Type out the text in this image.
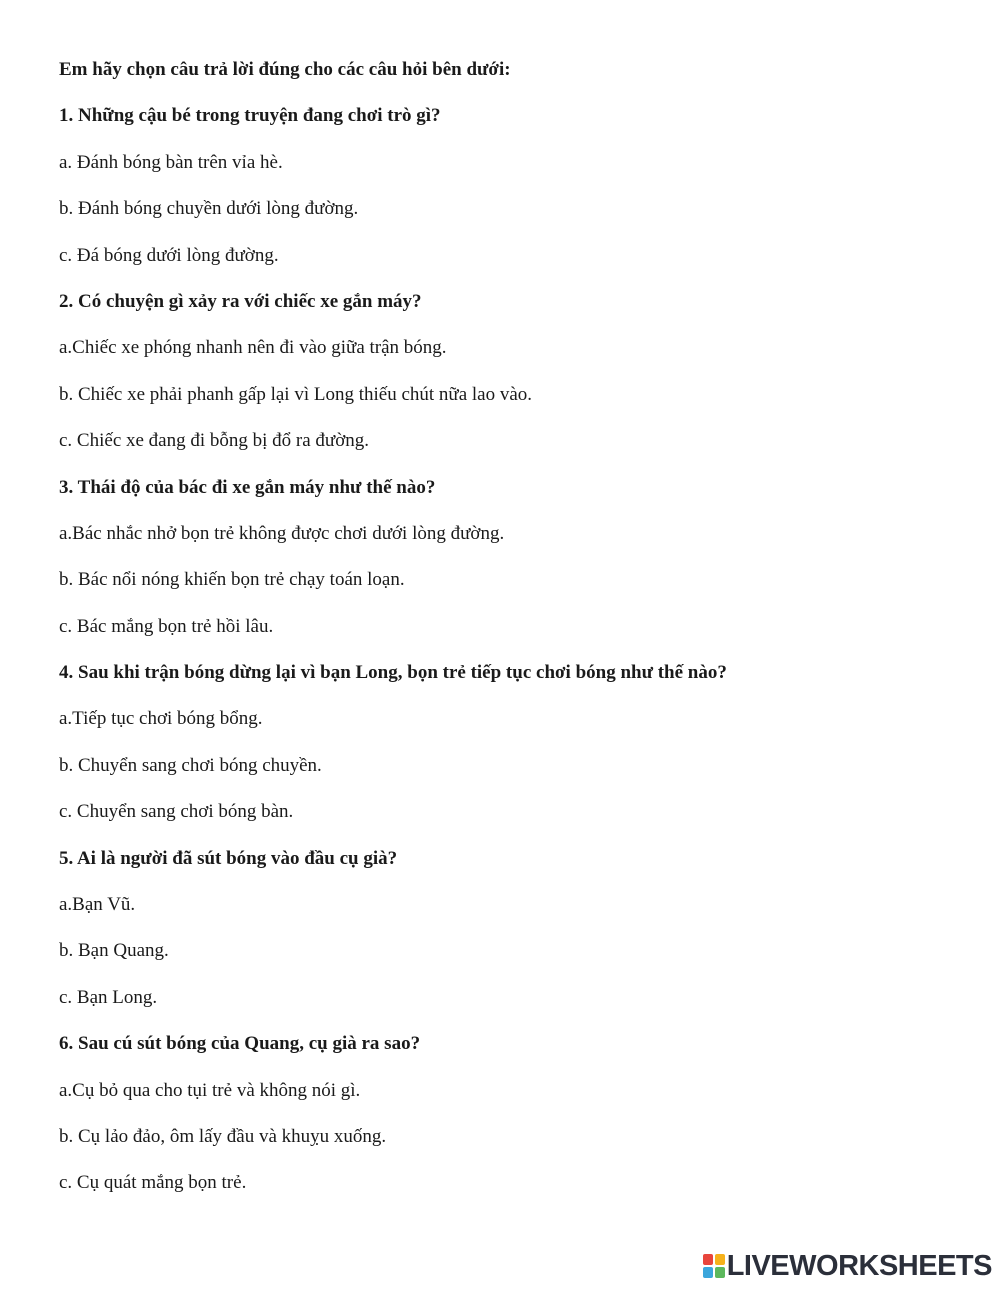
Em hãy chọn câu trả lời đúng cho các câu hỏi bên dưới:
1. Những cậu bé trong truyện đang chơi trò gì?
a. Đánh bóng bàn trên vỉa hè.
b. Đánh bóng chuyền dưới lòng đường.
c. Đá bóng dưới lòng đường.
2. Có chuyện gì xảy ra với chiếc xe gắn máy?
a.Chiếc xe phóng nhanh nên đi vào giữa trận bóng.
b. Chiếc xe phải phanh gấp lại vì Long thiếu chút nữa lao vào.
c. Chiếc xe đang đi bỗng bị đổ ra đường.
3. Thái độ của bác đi xe gắn máy như thế nào?
a.Bác nhắc nhở bọn trẻ không được chơi dưới lòng đường.
b. Bác nổi nóng khiến bọn trẻ chạy toán loạn.
c. Bác mắng bọn trẻ hồi lâu.
4. Sau khi trận bóng dừng lại vì bạn Long, bọn trẻ tiếp tục chơi bóng như thế nào?
a.Tiếp tục chơi bóng bổng.
b. Chuyển sang chơi bóng chuyền.
c. Chuyển sang chơi bóng bàn.
5. Ai là người đã sút bóng vào đầu cụ già?
a.Bạn Vũ.
b. Bạn Quang.
c. Bạn Long.
6. Sau cú sút bóng của Quang, cụ già ra sao?
a.Cụ bỏ qua cho tụi trẻ và không nói gì.
b. Cụ lảo đảo, ôm lấy đầu và khuỵu xuống.
c. Cụ quát mắng bọn trẻ.
LIVEWORKSHEETS
